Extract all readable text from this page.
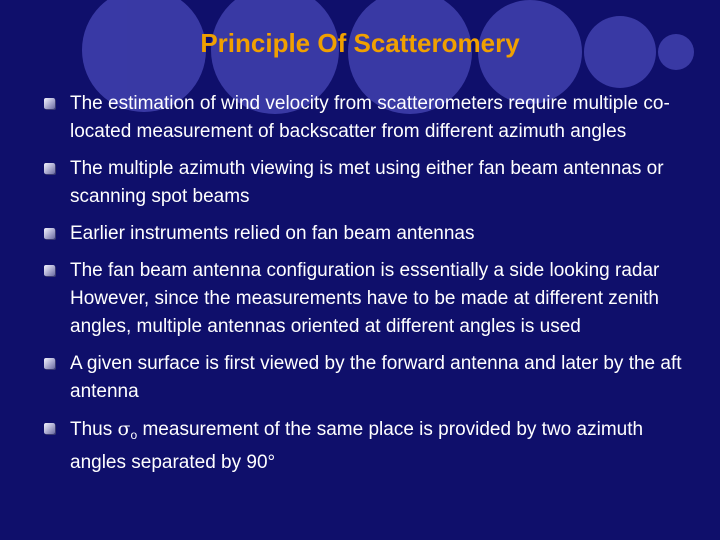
Principle Of Scatteromery
The estimation of wind velocity from scatterometers require multiple co-located measurement of backscatter from different azimuth angles
The multiple azimuth viewing is met using either fan beam antennas or scanning spot beams
Earlier instruments relied on fan beam antennas
The fan beam antenna configuration is essentially a side looking radar However, since the measurements have to be made at different zenith angles, multiple antennas oriented at different angles is used
A given surface is first viewed by the forward antenna and later by the aft antenna
Thus $\sigma_o$ measurement of the same place is provided by two azimuth angles separated by 90°
